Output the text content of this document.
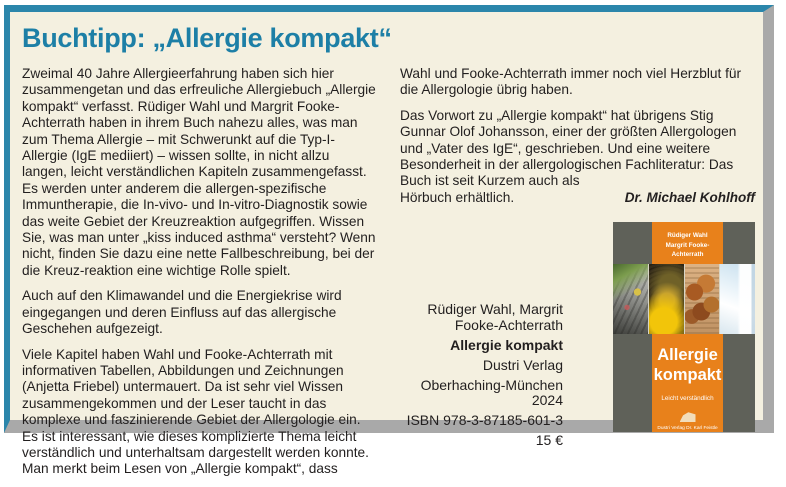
Buchtipp: „Allergie kompakt“

Zweimal 40 Jahre Allergieerfahrung haben sich hier zusammengetan und das erfreuliche Allergiebuch „Allergie kompakt“ verfasst. Rüdiger Wahl und Margrit Fooke-Achterrath haben in ihrem Buch nahezu alles, was man zum Thema Allergie – mit Schwerunkt auf die Typ-I-Allergie (IgE mediiert) – wissen sollte, in nicht allzu langen, leicht verständlichen Kapiteln zusammengefasst. Es werden unter anderem die allergen-spezifische Immuntherapie, die In-vivo- und In-vitro-Diagnostik sowie das weite Gebiet der Kreuzreaktion aufgegriffen. Wissen Sie, was man unter „kiss induced asthma“ versteht? Wenn nicht, finden Sie dazu eine nette Fallbeschreibung, bei der die Kreuz-reaktion eine wichtige Rolle spielt.

Auch auf den Klimawandel und die Energiekrise wird eingegangen und deren Einfluss auf das allergische Geschehen aufgezeigt.

Viele Kapitel haben Wahl und Fooke-Achterrath mit informativen Tabellen, Abbildungen und Zeichnungen (Anjetta Friebel) untermauert. Da ist sehr viel Wissen zusammengekommen und der Leser taucht in das komplexe und faszinierende Gebiet der Allergologie ein. Es ist interessant, wie dieses komplizierte Thema leicht verständlich und unterhaltsam dargestellt werden konnte. Man merkt beim Lesen von „Allergie kompakt“, dass

Wahl und Fooke-Achterrath immer noch viel Herzblut für die Allergologie übrig haben.

Das Vorwort zu „Allergie kompakt“ hat übrigens Stig Gunnar Olof Johansson, einer der größten Allergologen und „Vater des IgE“, geschrieben. Und eine weitere Besonderheit in der allergologischen Fachliteratur: Das Buch ist seit Kurzem auch als

Hörbuch erhältlich.	Dr. Michael Kohlhoff
Rüdiger Wahl, Margrit
Fooke-Achterrath
Allergie kompakt
Dustri Verlag
Oberhaching-München 2024
ISBN 978-3-87185-601-3
15 €
Rüdiger Wahl
Margrit Fooke-Achterrath
Allergie
kompakt
Leicht verständlich
Dustri Verlag Dr. Karl Feistle
